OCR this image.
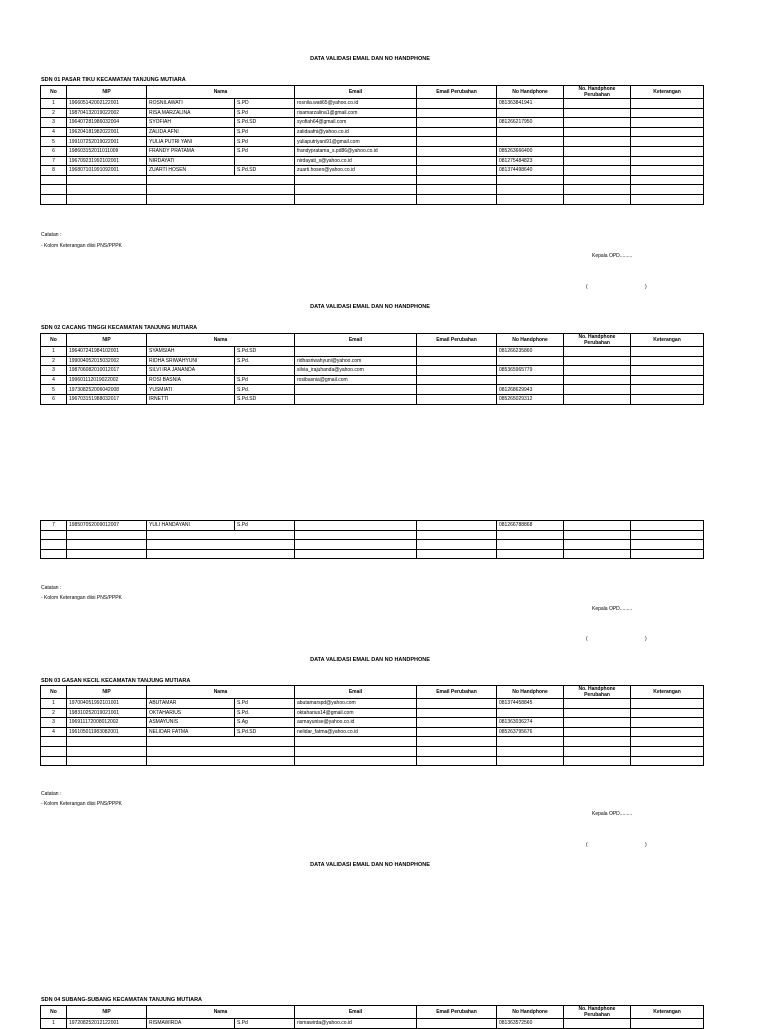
DATA VALIDASI EMAIL DAN NO HANDPHONE
SDN 01 PASAR TIKU KECAMATAN TANJUNG MUTIARA
No	NIP	Nama		Email	Email Perubahan	No Handphone	No. Handphone
Perubahan	Keterangan
1	196605142002122001	ROSNILAWATI	S.PD	rosnila.wati65@yahoo.co.id		081363841941		
2	198704132019022002	RISA MARZALINA	S.Pd	risamarzalina1@gmail.com				
3	196407281986032004	SYOFIAH	S.Pd.SD	syofiah64@gmail.com		081266217950		
4	196204181982022001	ZALIDA AFNI	S.Pd	zalidaafni@yahoo.co.id				
5	199107252019022001	YULIA PUTRI YANI	S.Pd	yuliaputriyani91@gmail.com				
6	198603152011011009	FRANDY PRATAMA	S.Pd	frandypratama_s.pd86@yahoo.co.id		085263666400		
7	196709231992102001	NIRDAYATI		nirdayati_s@yahoo.co.id		081275484823		
8	196807101991092001	ZUARTI HOSEN	S.Pd.SD	zuarti.hosen@yahoo.co.id		081374498640		

Catatan :
- Kolom Keterangan diisi PNS/PPPK
Kepala OPD.........
(	)
DATA VALIDASI EMAIL DAN NO HANDPHONE
SDN 02 CACANG TINGGI KECAMATAN TANJUNG MUTIARA
No	NIP	Nama		Email	Email Perubahan	No Handphone	No. Handphone
Perubahan	Keterangan
1	196407241984102001	SYAMSIAH	S.Pd.SD			081266235860		
2	199004052015032002	RIDHA SRIWAHYUNI	S.Pd.	ridhasriwahyuni@yahoo.com				
3	198706082010012017	SILVI IRA JANANDA		silvia_irajuhanda@yahoo.com		085365965779		
4	199601112019022002	ROSI BASNIA	S.Pd	rosibasnia@gmail.com				
5	197308252006042008	YUSMIATI	S.Pd.			081268629943		
6	196703151988032017	IRNETTI	S.Pd.SD			085265029312		
7	198507052009012007	YULI HANDAYANI	S.Pd			081266788868		

Catatan :
- Kolom Keterangan diisi PNS/PPPK
Kepala OPD.........
(	)
DATA VALIDASI EMAIL DAN NO HANDPHONE
SDN 03 GASAN KECIL KECAMATAN TANJUNG MUTIARA
No	NIP	Nama		Email	Email Perubahan	No Handphone	No. Handphone
Perubahan	Keterangan
1	197004051992101001	ABUTAMAR	S.Pd	abutamarspd@yahoo.com		081374458845		
2	198310252019021001	OKTAHARIUS	S.Pd.	oktaharius14@gmail.com				
3	196911172008012002	ASMAYUNIS	S.Ag	asmayunise@yahoo.co.id		081363036274		
4	196105011983082001	NELIDAR FATMA	S.Pd.SD	nelidar_fatma@yahoo.co.id		085263795676		

Catatan :
- Kolom Keterangan diisi PNS/PPPK
Kepala OPD.........
(	)
DATA VALIDASI EMAIL DAN NO HANDPHONE
SDN 04 SUBANG-SUBANG KECAMATAN TANJUNG MUTIARA
No	NIP	Nama		Email	Email Perubahan	No Handphone	No. Handphone
Perubahan	Keterangan
1	197208252012122001	RISMAWIRDA	S.Pd	rismawirda@yahoo.co.id		081363572560		
